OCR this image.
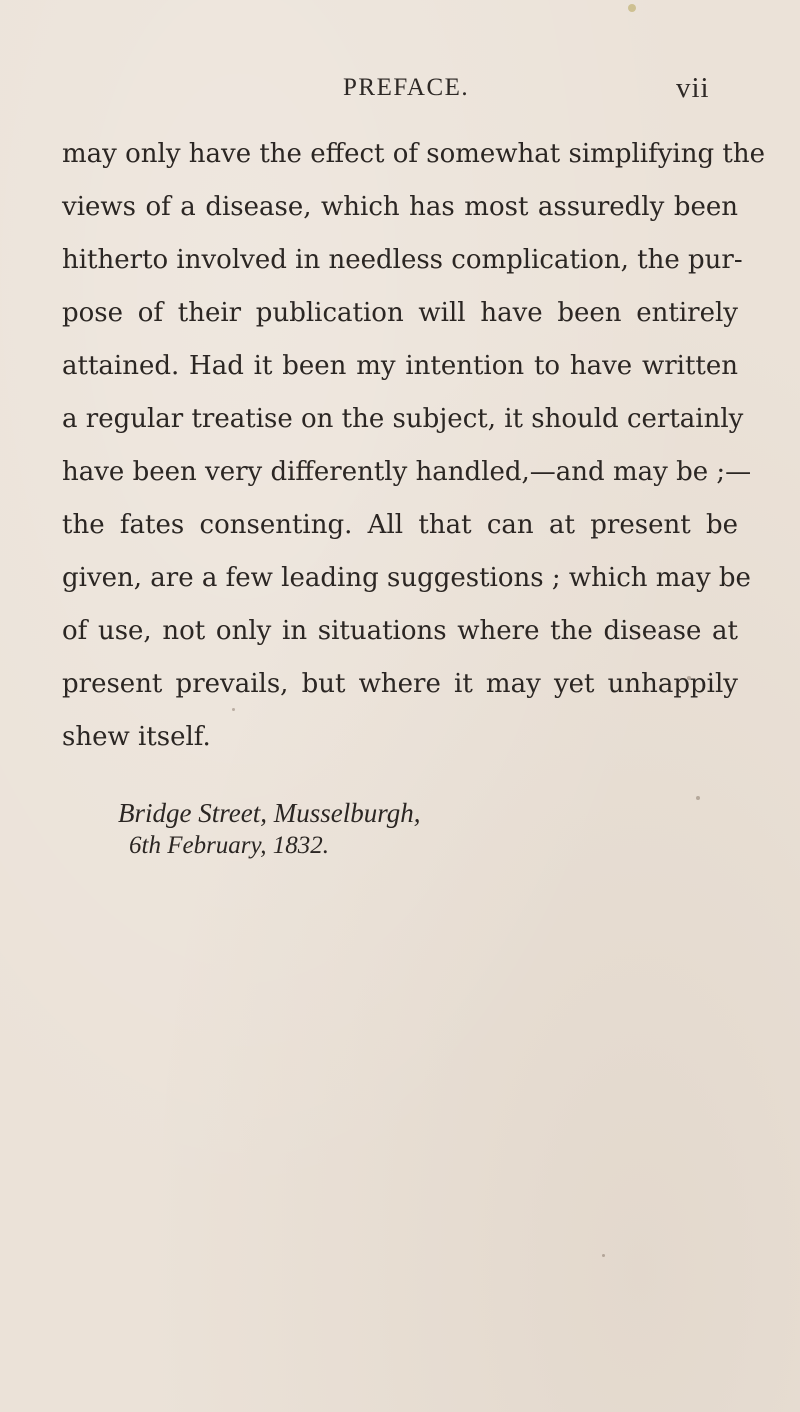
PREFACE.	vii
may only have the effect of somewhat simplifying the
views of a disease, which has most assuredly been
hitherto involved in needless complication, the pur-
pose of their publication will have been entirely
attained. Had it been my intention to have written
a regular treatise on the subject, it should certainly
have been very differently handled,—and may be ;—
the fates consenting. All that can at present be
given, are a few leading suggestions ; which may be
of use, not only in situations where the disease at
present prevails, but where it may yet unhappily
shew itself.
Bridge Street, Musselburgh,
6th February, 1832.
